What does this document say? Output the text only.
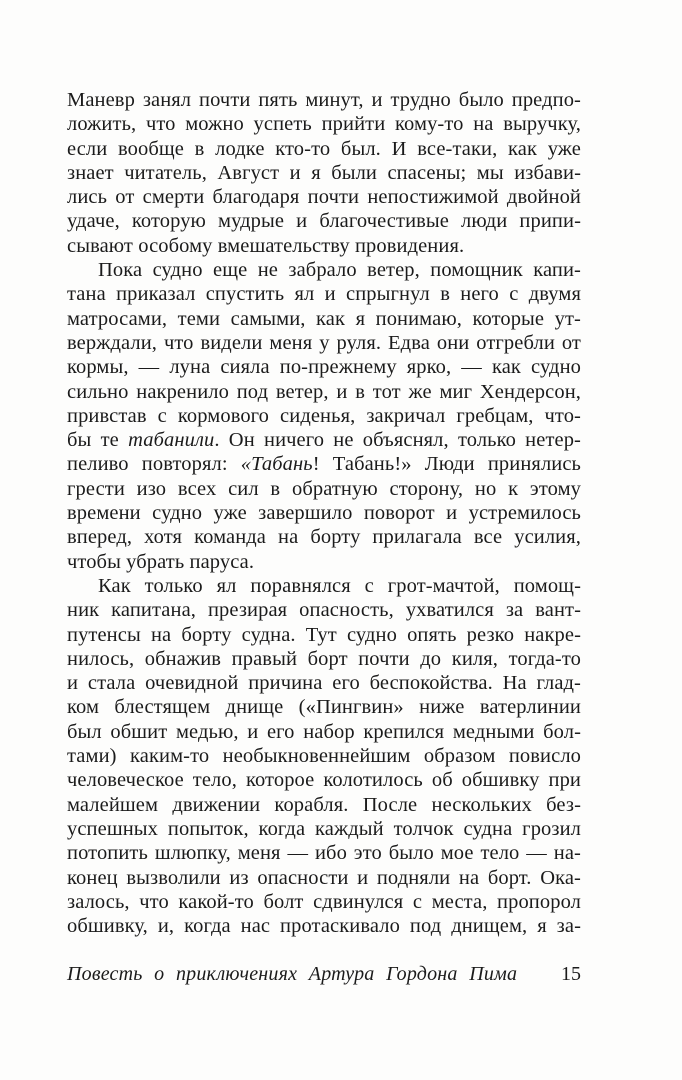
Маневр занял почти пять минут, и трудно было предпо-
ложить, что можно успеть прийти кому-то на выручку,
если вообще в лодке кто-то был. И все-таки, как уже
знает читатель, Август и я были спасены; мы избави-
лись от смерти благодаря почти непостижимой двойной
удаче, которую мудрые и благочестивые люди припи-
сывают особому вмешательству провидения.
Пока судно еще не забрало ветер, помощник капи-
тана приказал спустить ял и спрыгнул в него с двумя
матросами, теми самыми, как я понимаю, которые ут-
верждали, что видели меня у руля. Едва они отгребли от
кормы, — луна сияла по-прежнему ярко, — как судно
сильно накренило под ветер, и в тот же миг Хендерсон,
привстав с кормового сиденья, закричал гребцам, что-
бы те табанили. Он ничего не объяснял, только нетер-
пеливо повторял: «Табань! Табань!» Люди принялись
грести изо всех сил в обратную сторону, но к этому
времени судно уже завершило поворот и устремилось
вперед, хотя команда на борту прилагала все усилия,
чтобы убрать паруса.
Как только ял поравнялся с грот-мачтой, помощ-
ник капитана, презирая опасность, ухватился за вант-
путенсы на борту судна. Тут судно опять резко накре-
нилось, обнажив правый борт почти до киля, тогда-то
и стала очевидной причина его беспокойства. На глад-
ком блестящем днище («Пингвин» ниже ватерлинии
был обшит медью, и его набор крепился медными бол-
тами) каким-то необыкновеннейшим образом повисло
человеческое тело, которое колотилось об обшивку при
малейшем движении корабля. После нескольких без-
успешных попыток, когда каждый толчок судна грозил
потопить шлюпку, меня — ибо это было мое тело — на-
конец вызволили из опасности и подняли на борт. Ока-
залось, что какой-то болт сдвинулся с места, пропорол
обшивку, и, когда нас протаскивало под днищем, я за-
Повесть о приключениях Артура Гордона Пима 15
